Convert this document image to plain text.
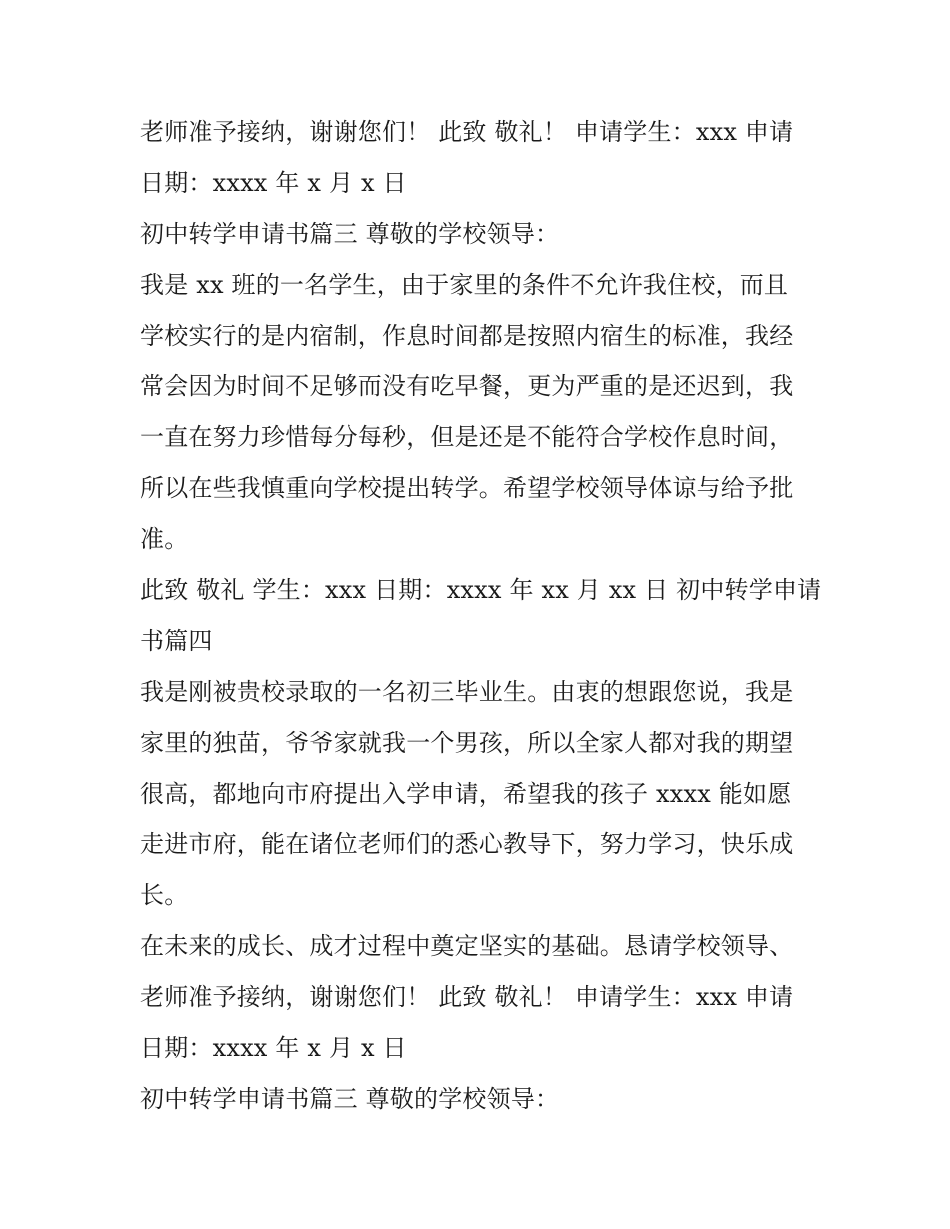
老师准予接纳，谢谢您们！ 此致 敬礼！ 申请学生：xxx 申请
日期：xxxx 年 x 月 x 日
初中转学申请书篇三 尊敬的学校领导：
我是 xx 班的一名学生，由于家里的条件不允许我住校，而且
学校实行的是内宿制，作息时间都是按照内宿生的标准，我经
常会因为时间不足够而没有吃早餐，更为严重的是还迟到，我
一直在努力珍惜每分每秒，但是还是不能符合学校作息时间，
所以在些我慎重向学校提出转学。希望学校领导体谅与给予批
准。
此致 敬礼 学生：xxx 日期：xxxx 年 xx 月 xx 日 初中转学申请
书篇四
我是刚被贵校录取的一名初三毕业生。由衷的想跟您说，我是
家里的独苗，爷爷家就我一个男孩，所以全家人都对我的期望
很高，都地向市府提出入学申请，希望我的孩子 xxxx 能如愿
走进市府，能在诸位老师们的悉心教导下，努力学习，快乐成
长。
在未来的成长、成才过程中奠定坚实的基础。恳请学校领导、
老师准予接纳，谢谢您们！ 此致 敬礼！ 申请学生：xxx 申请
日期：xxxx 年 x 月 x 日
初中转学申请书篇三 尊敬的学校领导：
